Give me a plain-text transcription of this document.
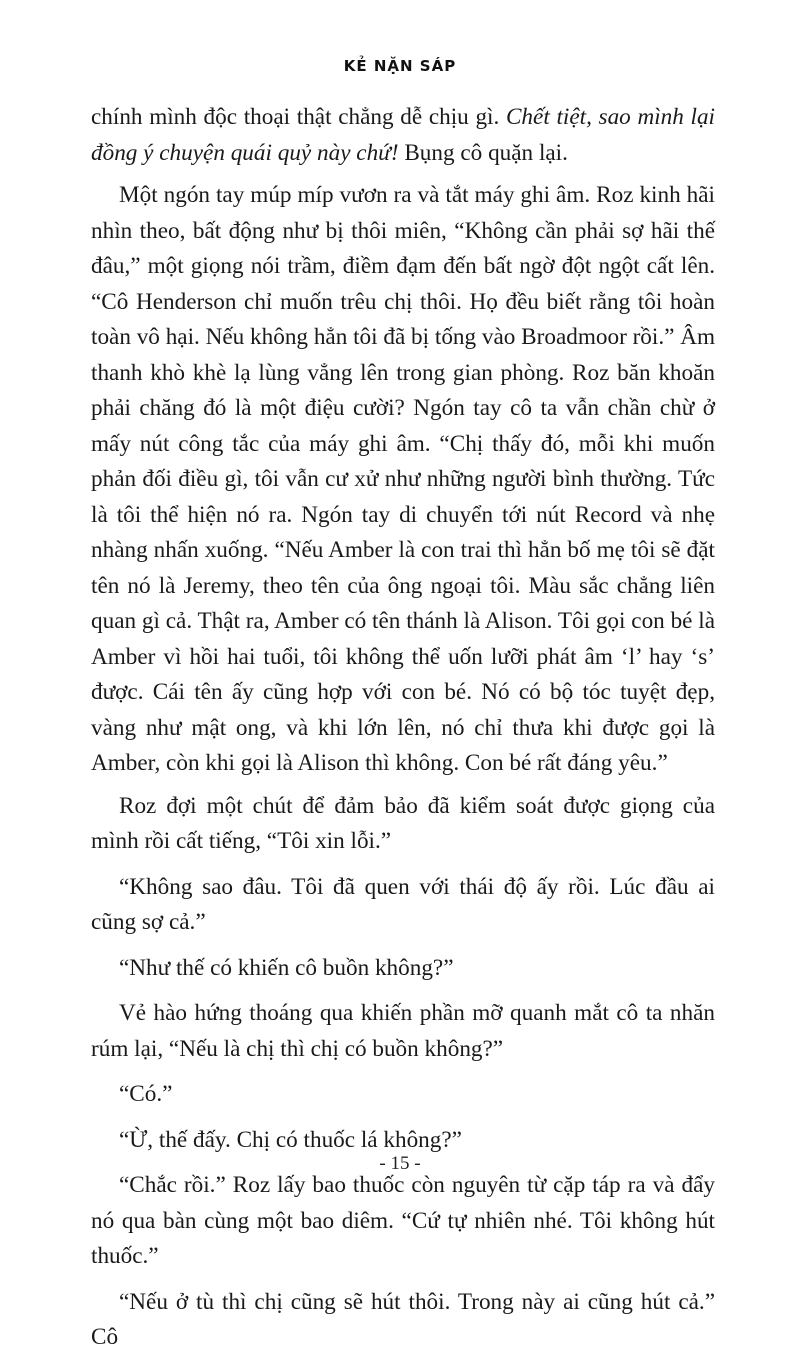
KẺ NẶN SÁP

chính mình độc thoại thật chẳng dễ chịu gì. Chết tiệt, sao mình lại đồng ý chuyện quái quỷ này chứ! Bụng cô quặn lại.

Một ngón tay múp míp vươn ra và tắt máy ghi âm. Roz kinh hãi nhìn theo, bất động như bị thôi miên, “Không cần phải sợ hãi thế đâu,” một giọng nói trầm, điềm đạm đến bất ngờ đột ngột cất lên. “Cô Henderson chỉ muốn trêu chị thôi. Họ đều biết rằng tôi hoàn toàn vô hại. Nếu không hẳn tôi đã bị tống vào Broadmoor rồi.” Âm thanh khò khè lạ lùng vẳng lên trong gian phòng. Roz băn khoăn phải chăng đó là một điệu cười? Ngón tay cô ta vẫn chần chừ ở mấy nút công tắc của máy ghi âm. “Chị thấy đó, mỗi khi muốn phản đối điều gì, tôi vẫn cư xử như những người bình thường. Tức là tôi thể hiện nó ra. Ngón tay di chuyển tới nút Record và nhẹ nhàng nhấn xuống. “Nếu Amber là con trai thì hẳn bố mẹ tôi sẽ đặt tên nó là Jeremy, theo tên của ông ngoại tôi. Màu sắc chẳng liên quan gì cả. Thật ra, Amber có tên thánh là Alison. Tôi gọi con bé là Amber vì hồi hai tuổi, tôi không thể uốn lưỡi phát âm ‘l’ hay ‘s’ được. Cái tên ấy cũng hợp với con bé. Nó có bộ tóc tuyệt đẹp, vàng như mật ong, và khi lớn lên, nó chỉ thưa khi được gọi là Amber, còn khi gọi là Alison thì không. Con bé rất đáng yêu.”

Roz đợi một chút để đảm bảo đã kiểm soát được giọng của mình rồi cất tiếng, “Tôi xin lỗi.”

“Không sao đâu. Tôi đã quen với thái độ ấy rồi. Lúc đầu ai cũng sợ cả.”

“Như thế có khiến cô buồn không?”

Vẻ hào hứng thoáng qua khiến phần mỡ quanh mắt cô ta nhăn rúm lại, “Nếu là chị thì chị có buồn không?”

“Có.”

“Ừ, thế đấy. Chị có thuốc lá không?”

“Chắc rồi.” Roz lấy bao thuốc còn nguyên từ cặp táp ra và đẩy nó qua bàn cùng một bao diêm. “Cứ tự nhiên nhé. Tôi không hút thuốc.”

“Nếu ở tù thì chị cũng sẽ hút thôi. Trong này ai cũng hút cả.” Cô

- 15 -
